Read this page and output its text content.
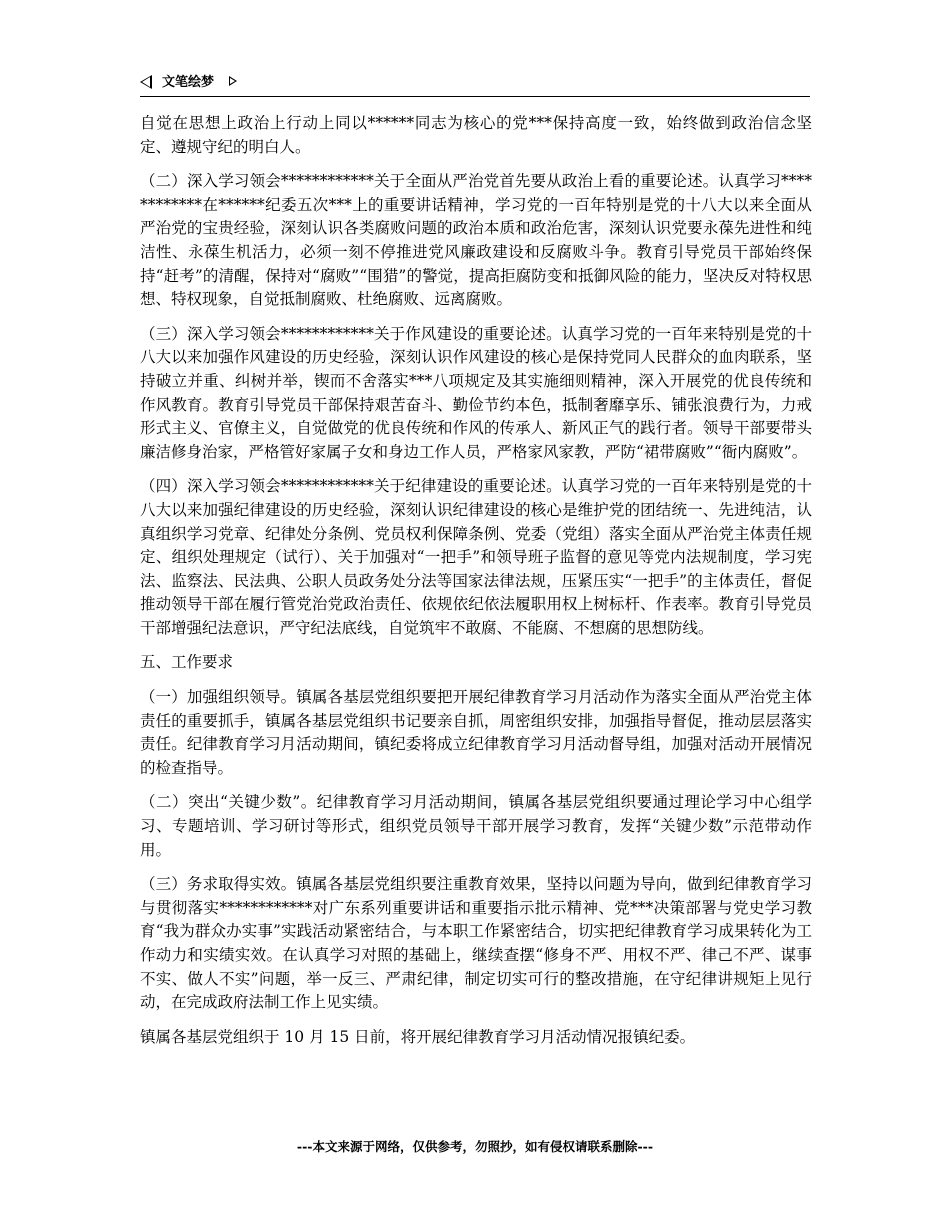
文笔绘梦

自觉在思想上政治上行动上同以******同志为核心的党***保持高度一致，始终做到政治信念坚定、遵规守纪的明白人。

（二）深入学习领会************关于全面从严治党首先要从政治上看的重要论述。认真学习************在******纪委五次***上的重要讲话精神，学习党的一百年特别是党的十八大以来全面从严治党的宝贵经验，深刻认识各类腐败问题的政治本质和政治危害，深刻认识党要永葆先进性和纯洁性、永葆生机活力，必须一刻不停推进党风廉政建设和反腐败斗争。教育引导党员干部始终保持“赶考”的清醒，保持对“腐败”“围猎”的警觉，提高拒腐防变和抵御风险的能力，坚决反对特权思想、特权现象，自觉抵制腐败、杜绝腐败、远离腐败。

（三）深入学习领会************关于作风建设的重要论述。认真学习党的一百年来特别是党的十八大以来加强作风建设的历史经验，深刻认识作风建设的核心是保持党同人民群众的血肉联系，坚持破立并重、纠树并举，锲而不舍落实***八项规定及其实施细则精神，深入开展党的优良传统和作风教育。教育引导党员干部保持艰苦奋斗、勤俭节约本色，抵制奢靡享乐、铺张浪费行为，力戒形式主义、官僚主义，自觉做党的优良传统和作风的传承人、新风正气的践行者。领导干部要带头廉洁修身治家，严格管好家属子女和身边工作人员，严格家风家教，严防“裙带腐败”“衙内腐败”。

（四）深入学习领会************关于纪律建设的重要论述。认真学习党的一百年来特别是党的十八大以来加强纪律建设的历史经验，深刻认识纪律建设的核心是维护党的团结统一、先进纯洁，认真组织学习党章、纪律处分条例、党员权利保障条例、党委（党组）落实全面从严治党主体责任规定、组织处理规定（试行）、关于加强对“一把手”和领导班子监督的意见等党内法规制度，学习宪法、监察法、民法典、公职人员政务处分法等国家法律法规，压紧压实“一把手”的主体责任，督促推动领导干部在履行管党治党政治责任、依规依纪依法履职用权上树标杆、作表率。教育引导党员干部增强纪法意识，严守纪法底线，自觉筑牢不敢腐、不能腐、不想腐的思想防线。

五、工作要求

（一）加强组织领导。镇属各基层党组织要把开展纪律教育学习月活动作为落实全面从严治党主体责任的重要抓手，镇属各基层党组织书记要亲自抓，周密组织安排，加强指导督促，推动层层落实责任。纪律教育学习月活动期间，镇纪委将成立纪律教育学习月活动督导组，加强对活动开展情况的检查指导。

（二）突出“关键少数”。纪律教育学习月活动期间，镇属各基层党组织要通过理论学习中心组学习、专题培训、学习研讨等形式，组织党员领导干部开展学习教育，发挥“关键少数”示范带动作用。

（三）务求取得实效。镇属各基层党组织要注重教育效果，坚持以问题为导向，做到纪律教育学习与贯彻落实************对广东系列重要讲话和重要指示批示精神、党***决策部署与党史学习教育“我为群众办实事”实践活动紧密结合，与本职工作紧密结合，切实把纪律教育学习成果转化为工作动力和实绩实效。在认真学习对照的基础上，继续查摆“修身不严、用权不严、律己不严、谋事不实、做人不实”问题，举一反三、严肃纪律，制定切实可行的整改措施，在守纪律讲规矩上见行动，在完成政府法制工作上见实绩。

镇属各基层党组织于 10 月 15 日前，将开展纪律教育学习月活动情况报镇纪委。

---本文来源于网络，仅供参考，勿照抄，如有侵权请联系删除---
